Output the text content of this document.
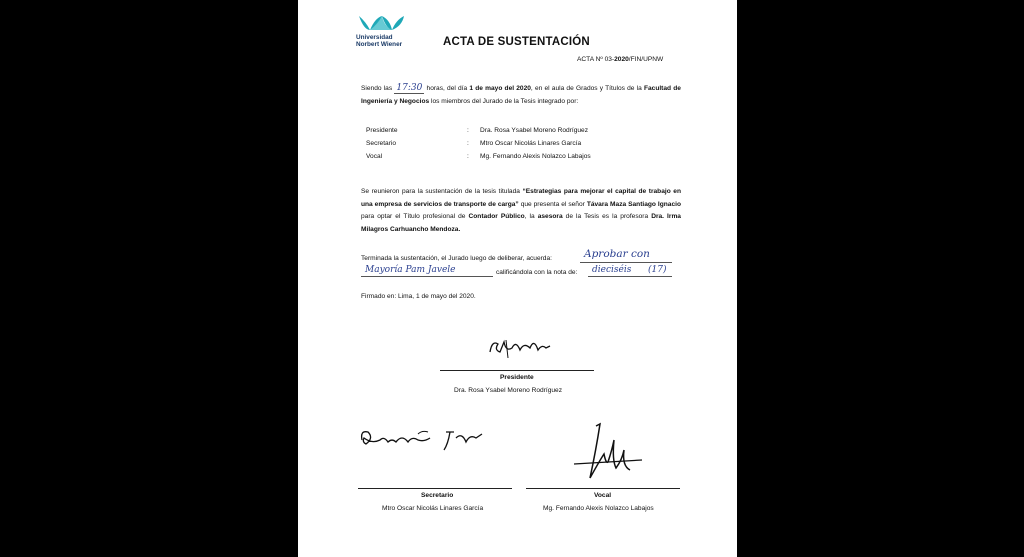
Universidad
Norbert Wiener	ACTA DE SUSTENTACIÓN
ACTA Nº 03-2020/FIN/UPNW
Siendo las 17:30 horas, del día 1 de mayo del 2020, en el aula de Grados y Títulos de la Facultad de Ingeniería y Negocios los miembros del Jurado de la Tesis integrado por:
Presidente	: Dra. Rosa Ysabel Moreno Rodríguez
Secretario	: Mtro Oscar Nicolás Linares García
Vocal	: Mg. Fernando Alexis Nolazco Labajos
Se reunieron para la sustentación de la tesis titulada “Estrategias para mejorar el capital de trabajo en una empresa de servicios de transporte de carga” que presenta el señor Távara Maza Santiago Ignacio para optar el Título profesional de Contador Público, la asesora de la Tesis es la profesora Dra. Irma Milagros Carhuancho Mendoza.
Terminada la sustentación, el Jurado luego de deliberar, acuerda:	Aprobar con
Mayoría Pam Javele	calificándola con la nota de: dieciséis (17)
Firmado en: Lima, 1 de mayo del 2020.
Presidente
Dra. Rosa Ysabel Moreno Rodríguez
Secretario
Mtro Oscar Nicolás Linares García
Vocal
Mg. Fernando Alexis Nolazco Labajos
